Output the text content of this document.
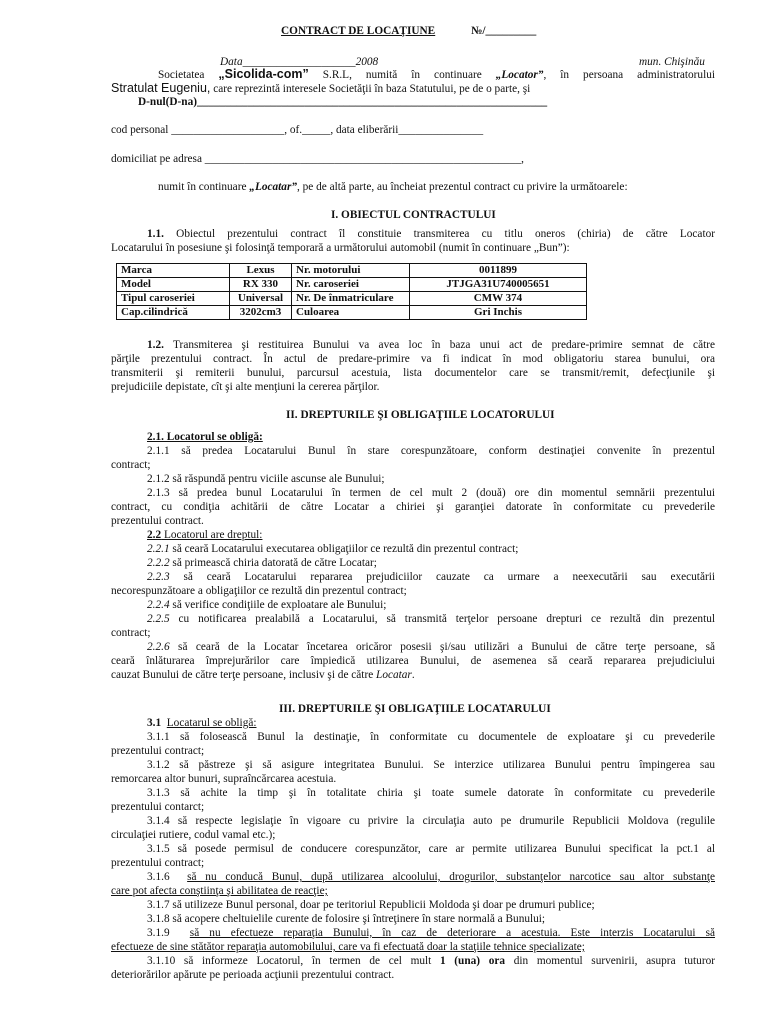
CONTRACT DE LOCAŢIUNE	№/_________
Data____________________2008	mun. Chişinău
Societatea „Sicolida-com” S.R.L, numită în continuare „Locator”, în persoana administratorului
Stratulat Eugeniu, care reprezintă interesele Societăţii în baza Statutului, pe de o parte, şi
D-nul(D-na)______________________________________________________________
cod personal ____________________, of._____, data eliberării_______________
domiciliat pe adresa ________________________________________________________,
numit în continuare „Locatar”, pe de altă parte, au încheiat prezentul contract cu privire la următoarele:
I. OBIECTUL CONTRACTULUI
1.1. Obiectul prezentului contract îl constituie transmiterea cu titlu oneros (chiria) de către Locator
Locatarului în posesiune şi folosinţă temporară a următorului automobil (numit în continuare „Bun”):
Marca	Lexus	Nr. motorului	0011899
Model	RX 330	Nr. caroseriei	JTJGA31U740005651
Tipul caroseriei	Universal	Nr. De înmatriculare	CMW 374
Cap.cilindrică	3202cm3	Culoarea	Gri Inchis
1.2. Transmiterea şi restituirea Bunului va avea loc în baza unui act de predare-primire semnat de către
părţile prezentului contract. În actul de predare-primire va fi indicat în mod obligatoriu starea bunului, ora
transmiterii şi remiterii bunului, parcursul acestuia, lista documentelor care se transmit/remit, defecţiunile şi
prejudiciile depistate, cît şi alte menţiuni la cererea părţilor.
II. DREPTURILE ŞI OBLIGAŢIILE LOCATORULUI
2.1. Locatorul se obligă:
2.1.1 să predea Locatarului Bunul în stare corespunzătoare, conform destinaţiei convenite în prezentul
contract;
2.1.2 să răspundă pentru viciile ascunse ale Bunului;
2.1.3 să predea bunul Locatarului în termen de cel mult 2 (două) ore din momentul semnării prezentului
contract, cu condiţia achitării de către Locatar a chiriei şi garanţiei datorate în conformitate cu prevederile
prezentului contract.
2.2 Locatorul are dreptul:
2.2.1 să ceară Locatarului executarea obligaţiilor ce rezultă din prezentul contract;
2.2.2 să primească chiria datorată de către Locatar;
2.2.3 să ceară Locatarului repararea prejudiciilor cauzate ca urmare a neexecutării sau executării
necorespunzătoare a obligaţiilor ce rezultă din prezentul contract;
2.2.4 să verifice condiţiile de exploatare ale Bunului;
2.2.5 cu notificarea prealabilă a Locatarului, să transmită terţelor persoane drepturi ce rezultă din prezentul
contract;
2.2.6 să ceară de la Locatar încetarea oricăror posesii şi/sau utilizări a Bunului de către terţe persoane, să
ceară înlăturarea împrejurărilor care împiedică utilizarea Bunului, de asemenea să ceară repararea prejudiciului
cauzat Bunului de către terţe persoane, inclusiv şi de către Locatar.
III. DREPTURILE ŞI OBLIGAŢIILE LOCATARULUI
3.1 Locatarul se obligă:
3.1.1 să folosească Bunul la destinaţie, în conformitate cu documentele de exploatare şi cu prevederile
prezentului contract;
3.1.2 să păstreze şi să asigure integritatea Bunului. Se interzice utilizarea Bunului pentru împingerea sau
remorcarea altor bunuri, supraîncărcarea acestuia.
3.1.3 să achite la timp şi în totalitate chiria şi toate sumele datorate în conformitate cu prevederile
prezentului contarct;
3.1.4 să respecte legislaţie în vigoare cu privire la circulaţia auto pe drumurile Republicii Moldova (regulile
circulaţiei rutiere, codul vamal etc.);
3.1.5 să posede permisul de conducere corespunzător, care ar permite utilizarea Bunului specificat la pct.1 al
prezentului contract;
3.1.6 să nu conducă Bunul, după utilizarea alcoolului, drogurilor, substanţelor narcotice sau altor substanţe
care pot afecta conştiinţa şi abilitatea de reacţie;
3.1.7 să utilizeze Bunul personal, doar pe teritoriul Republicii Moldoda şi doar pe drumuri publice;
3.1.8 să acopere cheltuielile curente de folosire şi întreţinere în stare normală a Bunului;
3.1.9 să nu efectueze reparaţia Bunului, în caz de deteriorare a acestuia. Este interzis Locatarului să
efectueze de sine stătător reparaţia automobilului, care va fi efectuată doar la staţiile tehnice specializate;
3.1.10 să informeze Locatorul, în termen de cel mult 1 (una) ora din momentul survenirii, asupra tuturor
deteriorărilor apărute pe perioada acţiunii prezentului contract.
